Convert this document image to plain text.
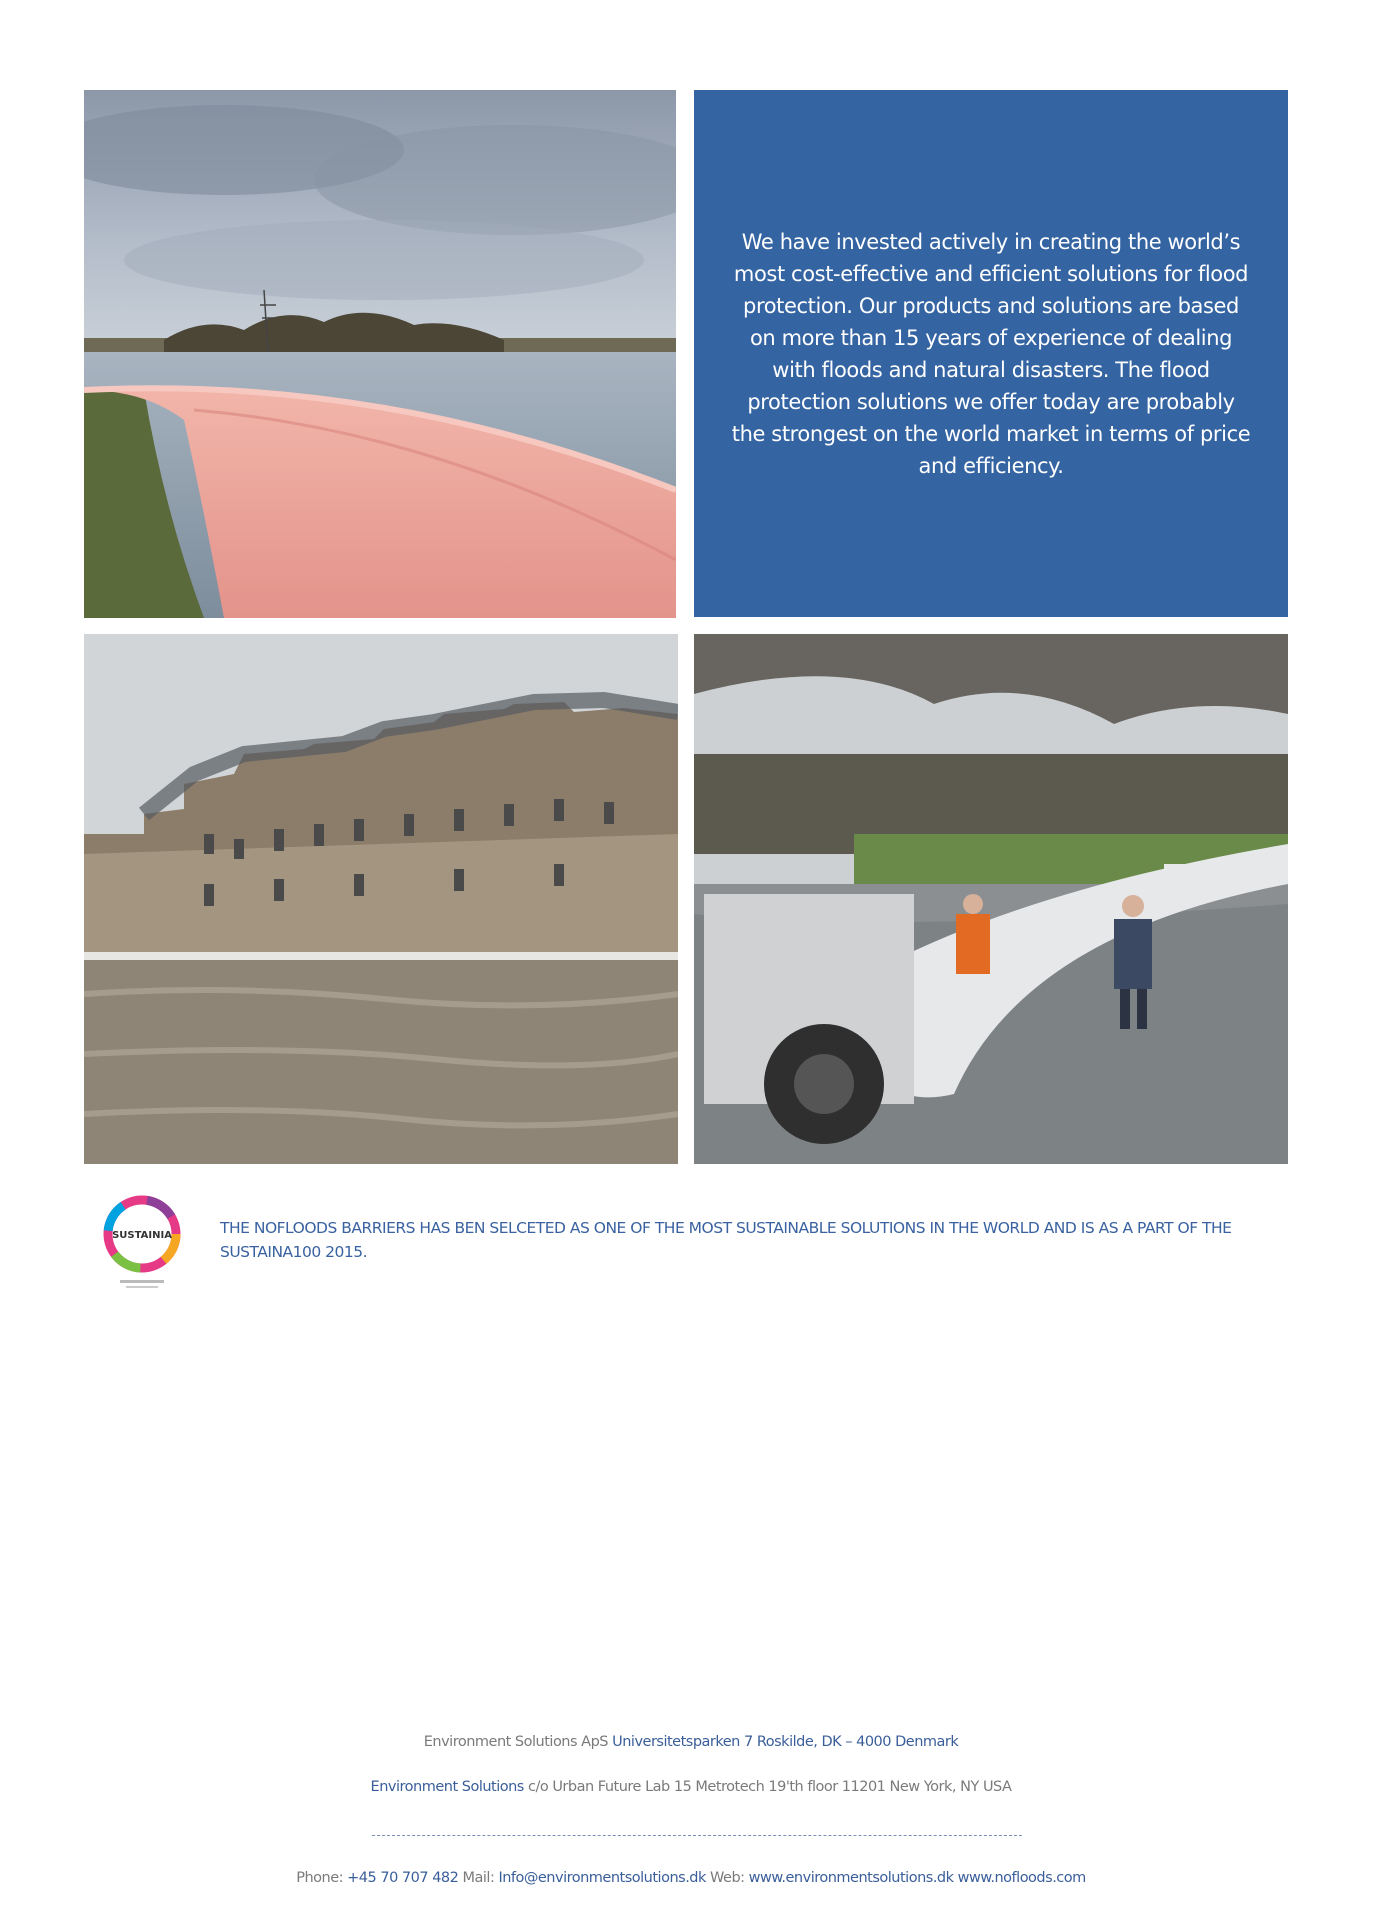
We have invested actively in creating the world’s most cost-effective and efficient solutions for flood protection. Our products and solutions are based on more than 15 years of experience of dealing with floods and natural disasters. The flood protection solutions we offer today are probably the strongest on the world market in terms of price and efficiency.

SUSTAINIA	THE NOFLOODS BARRIERS HAS BEN SELCETED AS ONE OF THE MOST SUSTAINABLE SOLUTIONS IN THE WORLD AND IS AS A PART OF THE SUSTAINA100 2015.

Environment Solutions ApS Universitetsparken 7 Roskilde, DK – 4000 Denmark
Environment Solutions c/o Urban Future Lab 15 Metrotech 19'th floor 11201 New York, NY USA
Phone: +45 70 707 482 Mail: Info@environmentsolutions.dk Web: www.environmentsolutions.dk www.nofloods.com
